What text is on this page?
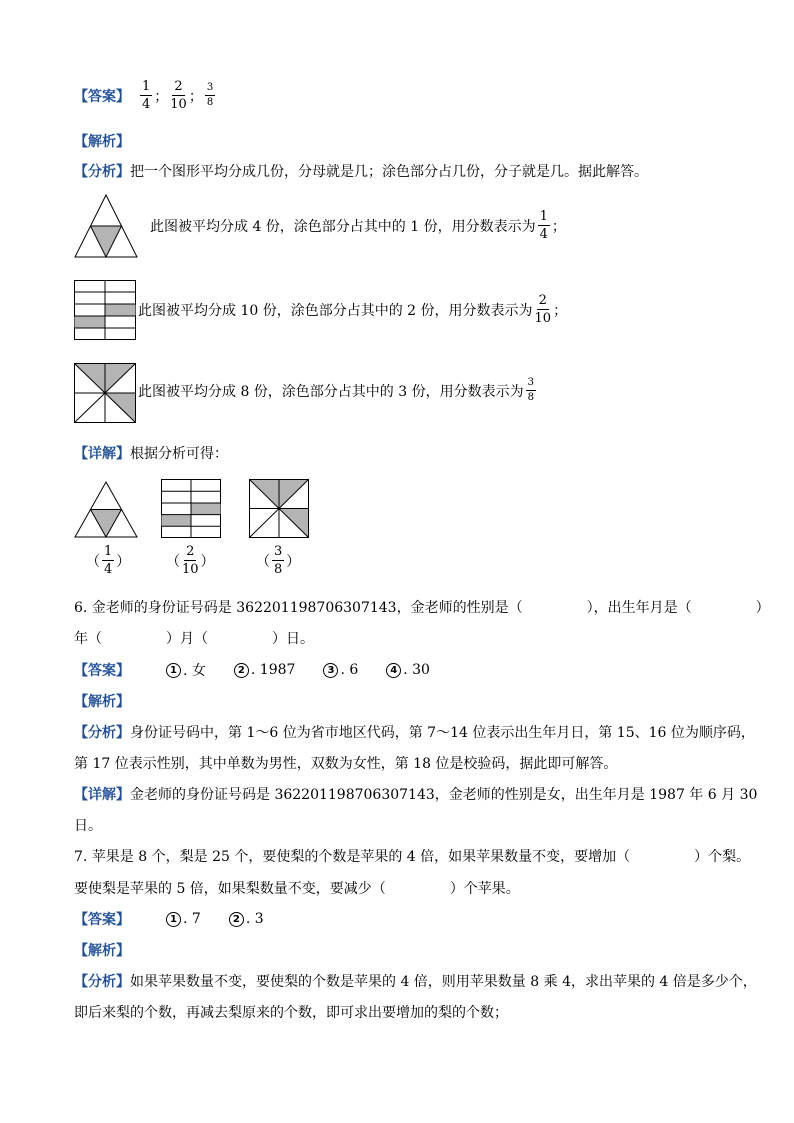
【答案】 $\frac{1}{4}$ ； $\frac{2}{10}$ ； $\frac{3}{8}$
【解析】
【分析】把一个图形平均分成几份，分母就是几；涂色部分占几份，分子就是几。据此解答。
此图被平均分成 4 份，涂色部分占其中的 1 份，用分数表示为 $\frac{1}{4}$ ；
此图被平均分成 10 份，涂色部分占其中的 2 份，用分数表示为 $\frac{2}{10}$ ；
此图被平均分成 8 份，涂色部分占其中的 3 份，用分数表示为 $\frac{3}{8}$
【详解】根据分析可得：
（ $\frac{1}{4}$ ）	（ $\frac{2}{10}$ ）	（ $\frac{3}{8}$ ）
6. 金老师的身份证号码是 362201198706307143，金老师的性别是（	），出生年月是（	）
年（	）月（	）日。
【答案】	1 . 女	2 . 1987	3 . 6	4 . 30
【解析】
【分析】身份证号码中，第 1～6 位为省市地区代码，第 7～14 位表示出生年月日，第 15、16 位为顺序码，
第 17 位表示性别，其中单数为男性，双数为女性，第 18 位是校验码，据此即可解答。
【详解】金老师的身份证号码是 362201198706307143，金老师的性别是女，出生年月是 1987 年 6 月 30
日。
7. 苹果是 8 个，梨是 25 个，要使梨的个数是苹果的 4 倍，如果苹果数量不变，要增加（	）个梨。
要使梨是苹果的 5 倍，如果梨数量不变，要减少（	）个苹果。
【答案】	1 . 7	2 . 3
【解析】
【分析】如果苹果数量不变，要使梨的个数是苹果的 4 倍，则用苹果数量 8 乘 4，求出苹果的 4 倍是多少个，
即后来梨的个数，再减去梨原来的个数，即可求出要增加的梨的个数；
